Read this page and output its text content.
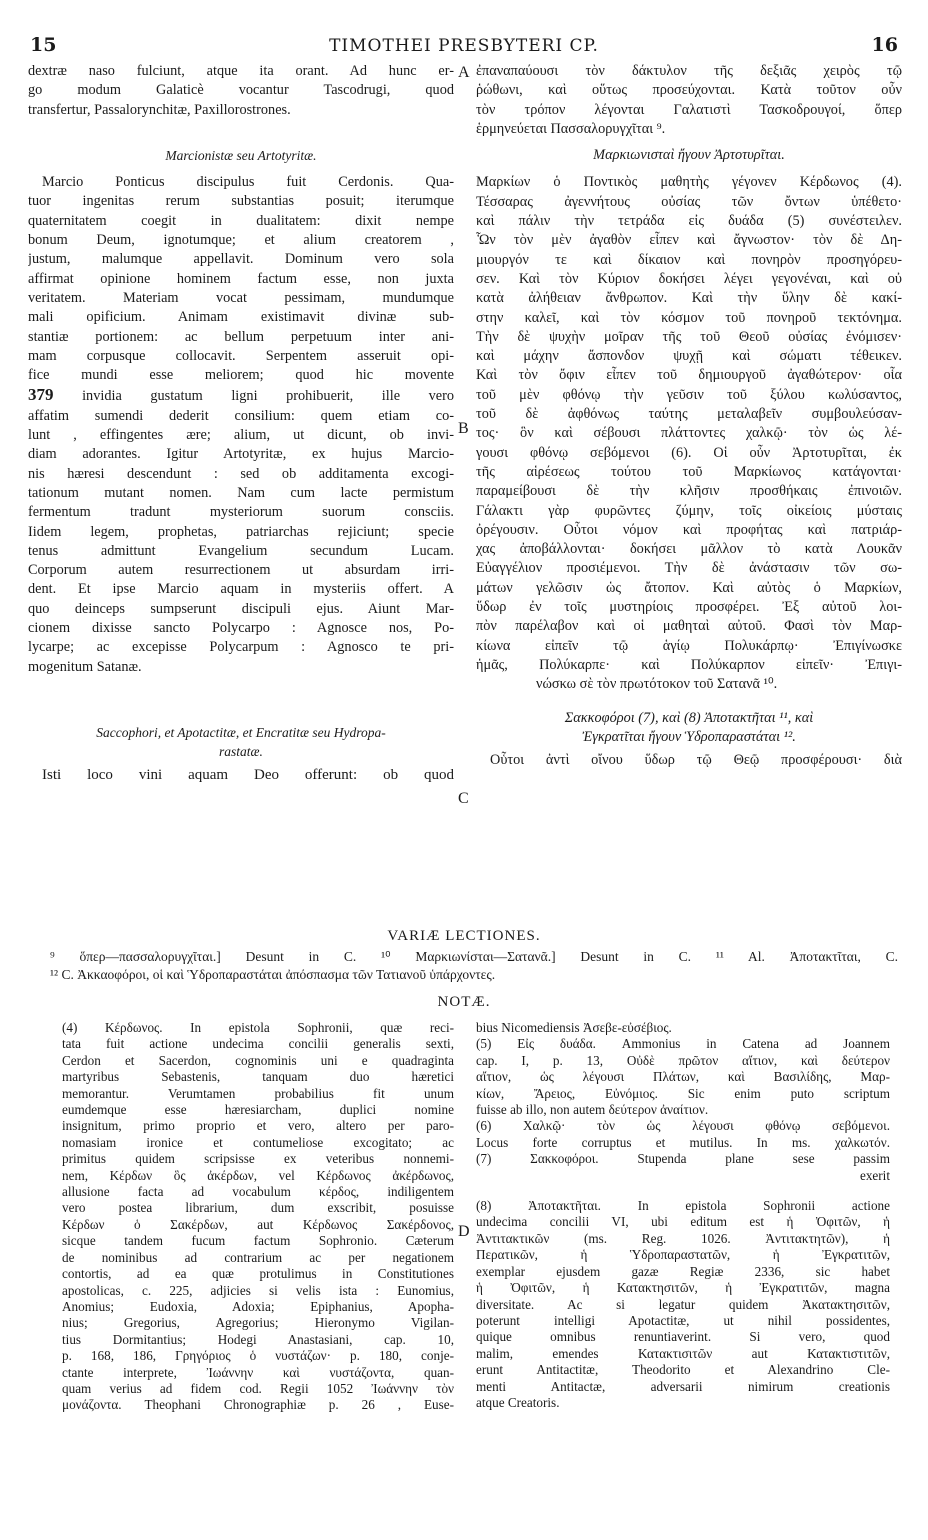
15	TIMOTHEI PRESBYTERI CP.	16
A
B
C
D
dextræ naso fulciunt, atque ita orant. Ad hunc er-
go modum Galaticè vocantur Tascodrugi, quod
transfertur, Passalorynchitæ, Paxillorostrones.
Marcionistæ seu Artotyritæ.
Marcio Ponticus discipulus fuit Cerdonis. Qua-
tuor ingenitas rerum substantias posuit; iterumque
quaternitatem coegit in dualitatem: dixit nempe
bonum Deum, ignotumque; et alium creatorem ,
justum, malumque appellavit. Dominum vero sola
affirmat opinione hominem factum esse, non juxta
veritatem. Materiam vocat pessimam, mundumque
mali opificium. Animam existimavit divinæ sub-
stantiæ portionem: ac bellum perpetuum inter ani-
mam corpusque collocavit. Serpentem asseruit opi-
fice mundi esse meliorem; quod hic movente
379 invidia gustatum ligni prohibuerit, ille vero
affatim sumendi dederit consilium: quem etiam co-
lunt , effingentes ære; alium, ut dicunt, ob invi-
diam adorantes. Igitur Artotyritæ, ex hujus Marcio-
nis hæresi descendunt : sed ob additamenta excogi-
tationum mutant nomen. Nam cum lacte permistum
fermentum tradunt mysteriorum suorum consciis.
Iidem legem, prophetas, patriarchas rejiciunt; specie
tenus admittunt Evangelium secundum Lucam.
Corporum autem resurrectionem ut absurdam irri-
dent. Et ipse Marcio aquam in mysteriis offert. A
quo deinceps sumpserunt discipuli ejus. Aiunt Mar-
cionem dixisse sancto Polycarpo : Agnosce nos, Po-
lycarpe; ac excepisse Polycarpum : Agnosco te pri-
mogenitum Satanæ.
Saccophori, et Apotactitæ, et Encratitæ seu Hydropa-
rastatæ.
Isti loco vini aquam Deo offerunt: ob quod
ἐπαναπαύουσι τὸν δάκτυλον τῆς δεξιᾶς χειρὸς τῷ
ῥώθωνι, καὶ οὕτως προσεύχονται. Κατὰ τοῦτον οὖν
τὸν τρόπον λέγονται Γαλατιστὶ Τασκοδρουγοί, ὅπερ
ἑρμηνεύεται Πασσαλορυγχῖται ⁹.
Μαρκιωνισταὶ ἤγουν Ἀρτοτυρῖται.
Μαρκίων ὁ Ποντικὸς μαθητὴς γέγονεν Κέρδωνος (4).
Τέσσαρας ἀγεννήτους οὐσίας τῶν ὄντων ὑπέθετο·
καὶ πάλιν τὴν τετράδα εἰς δυάδα (5) συνέστειλεν.
Ὧν τὸν μὲν ἀγαθὸν εἶπεν καὶ ἄγνωστον· τὸν δὲ Δη-
μιουργόν τε καὶ δίκαιον καὶ πονηρὸν προσηγόρευ-
σεν. Καὶ τὸν Κύριον δοκήσει λέγει γεγονέναι, καὶ οὐ
κατὰ ἀλήθειαν ἄνθρωπον. Καὶ τὴν ὕλην δὲ κακί-
στην καλεῖ, καὶ τὸν κόσμον τοῦ πονηροῦ τεκτόνημα.
Τὴν δὲ ψυχὴν μοῖραν τῆς τοῦ Θεοῦ οὐσίας ἐνόμισεν·
καὶ μάχην ἄσπονδον ψυχῇ καὶ σώματι τέθεικεν.
Καὶ τὸν ὄφιν εἶπεν τοῦ δημιουργοῦ ἀγαθώτερον· οἷα
τοῦ μὲν φθόνῳ τὴν γεῦσιν τοῦ ξύλου κωλύσαντος,
τοῦ δὲ ἀφθόνως ταύτης μεταλαβεῖν συμβουλεύσαν-
τος· ὃν καὶ σέβουσι πλάττοντες χαλκῷ· τὸν ὡς λέ-
γουσι φθόνῳ σεβόμενοι (6). Οἱ οὖν Ἀρτοτυρῖται, ἐκ
τῆς αἱρέσεως τούτου τοῦ Μαρκίωνος κατάγονται·
παραμείβουσι δὲ τὴν κλῆσιν προσθήκαις ἐπινοιῶν.
Γάλακτι γὰρ φυρῶντες ζύμην, τοῖς οἰκείοις μύσταις
ὀρέγουσιν. Οὗτοι νόμον καὶ προφήτας καὶ πατριάρ-
χας ἀποβάλλονται· δοκήσει μᾶλλον τὸ κατὰ Λουκᾶν
Εὐαγγέλιον προσιέμενοι. Τὴν δὲ ἀνάστασιν τῶν σω-
μάτων γελῶσιν ὡς ἄτοπον. Καὶ αὐτὸς ὁ Μαρκίων,
ὕδωρ ἐν τοῖς μυστηρίοις προσφέρει. Ἐξ αὐτοῦ λοι-
πὸν παρέλαβον καὶ οἱ μαθηταὶ αὐτοῦ. Φασὶ τὸν Μαρ-
κίωνα εἰπεῖν τῷ ἁγίῳ Πολυκάρπῳ· Ἐπιγίνωσκε
ἡμᾶς, Πολύκαρπε· καὶ Πολύκαρπον εἰπεῖν· Ἐπιγι-
νώσκω σὲ τὸν πρωτότοκον τοῦ Σατανᾶ ¹⁰.
Σακκοφόροι (7), καὶ (8) Ἀποτακτῆται ¹¹, καὶ
Ἐγκρατῖται ἤγουν Ὑδροπαραστάται ¹².
Οὗτοι ἀντὶ οἴνου ὕδωρ τῷ Θεῷ προσφέρουσι· διὰ
VARIÆ LECTIONES.
⁹ ὅπερ—πασσαλορυγχῖται.] Desunt in C. ¹⁰ Μαρκιωνίσται—Σατανᾶ.] Desunt in C. ¹¹ Al. Ἀποτακτῖται, C.
¹² C. Ἀκκαοφόροι, οἱ καὶ Ὑδροπαραστάται ἀπόσπασμα τῶν Τατιανοῦ ὑπάρχοντες.
NOTÆ.
(4) Κέρδωνος. In epistola Sophronii, quæ reci-
tata fuit actione undecima concilii generalis sexti,
Cerdon et Sacerdon, cognominis uni e quadraginta
martyribus Sebastenis, tanquam duo hæretici
memorantur. Verumtamen probabilius fit unum
eumdemque esse hæresiarcham, duplici nomine
insignitum, primo proprio et vero, altero per paro-
nomasiam ironice et contumeliose excogitato; ac
primitus quidem scripsisse ex veteribus nonnemi-
nem, Κέρδων ὃς ἀκέρδων, vel Κέρδωνος ἀκέρδωνος,
allusione facta ad vocabulum κέρδος, indiligentem
vero postea librarium, dum exscribit, posuisse
Κέρδων ὁ Σακέρδων, aut Κέρδωνος Σακέρδονος,
sicque tandem fucum factum Sophronio. Cæterum
de nominibus ad contrarium ac per negationem
contortis, ad ea quæ protulimus in Constitutiones
apostolicas, c. 225, adjicies si velis ista : Eunomius,
Anomius; Eudoxia, Adoxia; Epiphanius, Apopha-
nius; Gregorius, Agregorius; Hieronymo Vigilan-
tius Dormitantius; Hodegi Anastasiani, cap. 10,
p. 168, 186, Γρηγόριος ὁ νυστάζων· p. 180, conje-
ctante interprete, Ἰωάννην καὶ νυστάζοντα, quan-
quam verius ad fidem cod. Regii 1052 Ἰωάννην τὸν
μονάζοντα. Theophani Chronographiæ p. 26 , Euse-
bius Nicomediensis Ἀσεβε-εὐσέβιος.
(5) Εἰς δυάδα. Ammonius in Catena ad Joannem
cap. I, p. 13, Οὐδὲ πρῶτον αἴτιον, καὶ δεύτερον
αἴτιον, ὡς λέγουσι Πλάτων, καὶ Βασιλίδης, Μαρ-
κίων, Ἄρειος, Εὐνόμιος. Sic enim puto scriptum
fuisse ab illo, non autem δεύτερον ἀναίτιον.
(6) Χαλκῷ· τὸν ὡς λέγουσι φθόνῳ σεβόμενοι.
Locus forte corruptus et mutilus. In ms. χαλκωτόν.
(7) Σακκοφόροι. Stupenda plane sese passim
exerit
(8) Ἀποτακτῆται. In epistola Sophronii actione
undecima concilii VI, ubi editum est ἡ Ὀφιτῶν, ἡ
Ἀντιτακτικῶν (ms. Reg. 1026. Ἀντιτακτητῶν), ἡ
Περατικῶν, ἡ Ὑδροπαραστατῶν, ἡ Ἐγκρατιτῶν,
exemplar ejusdem gazæ Regiæ 2336, sic habet
ἡ Ὀφιτῶν, ἡ Κατακτησιτῶν, ἡ Ἐγκρατιτῶν, magna
diversitate. Ac si legatur quidem Ἀκατακτησιτῶν,
poterunt intelligi Apotactitæ, ut nihil possidentes,
quique omnibus renuntiaverint. Si vero, quod
malim, emendes Κατακτισιτῶν aut Κατακτιστιτῶν,
erunt Antitactitæ, Theodorito et Alexandrino Cle-
menti Antitactæ, adversarii nimirum creationis
atque Creatoris.
